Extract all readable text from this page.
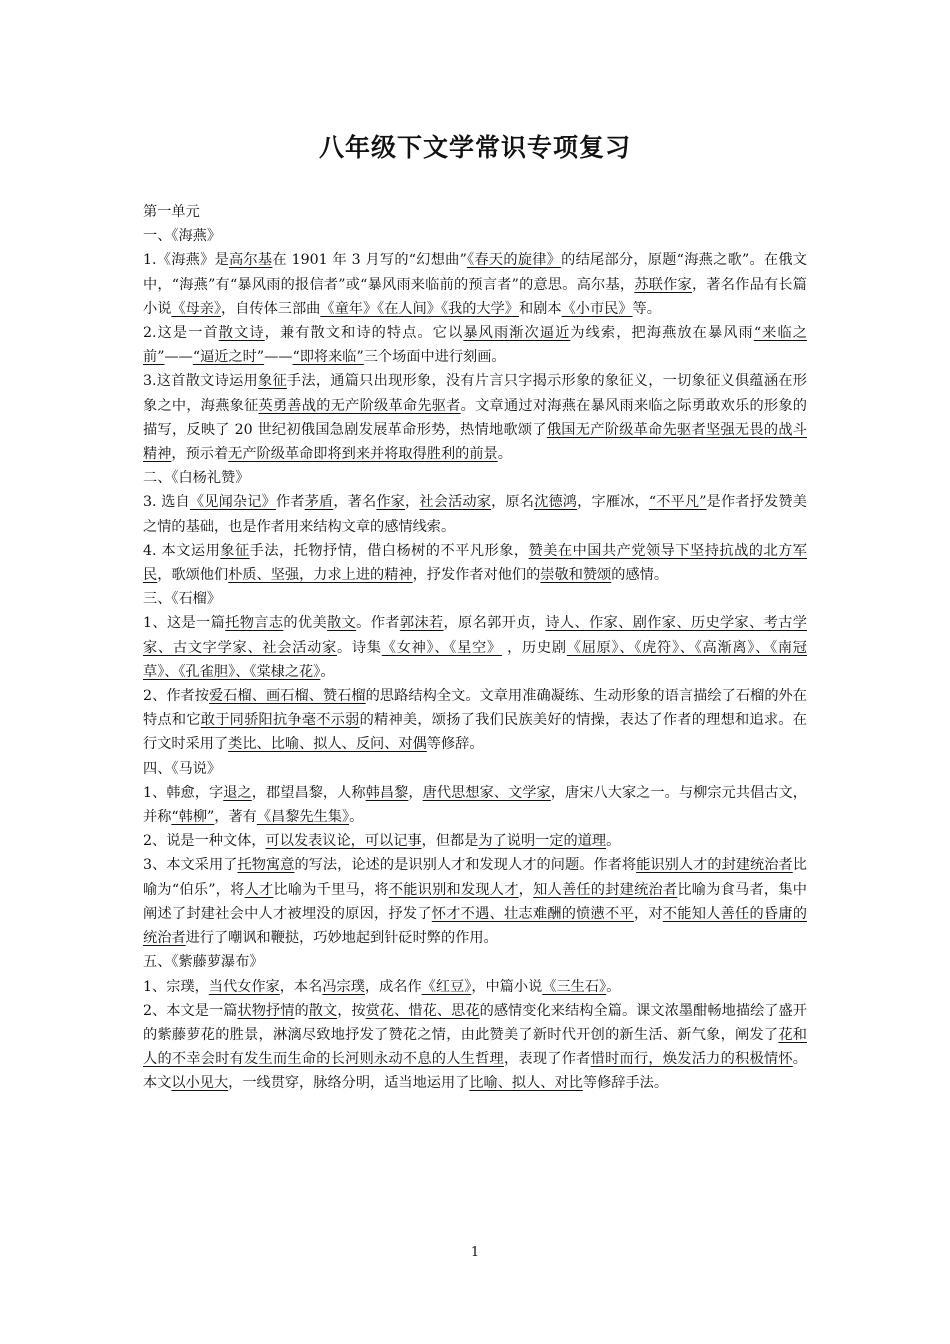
八年级下文学常识专项复习
第一单元
一、《海燕》
1.《海燕》是高尔基在 1901 年 3 月写的“幻想曲”《春天的旋律》的结尾部分，原题“海燕之歌”。在俄文中，“海燕”有“暴风雨的报信者”或“暴风雨来临前的预言者”的意思。高尔基，苏联作家，著名作品有长篇小说《母亲》，自传体三部曲《童年》《在人间》《我的大学》和剧本《小市民》等。
2.这是一首散文诗，兼有散文和诗的特点。它以暴风雨渐次逼近为线索，把海燕放在暴风雨“来临之前”——“逼近之时”——“即将来临”三个场面中进行刻画。
3.这首散文诗运用象征手法，通篇只出现形象，没有片言只字揭示形象的象征义，一切象征义俱蕴涵在形象之中，海燕象征英勇善战的无产阶级革命先驱者。文章通过对海燕在暴风雨来临之际勇敢欢乐的形象的描写，反映了 20 世纪初俄国急剧发展革命形势，热情地歌颂了俄国无产阶级革命先驱者坚强无畏的战斗精神，预示着无产阶级革命即将到来并将取得胜利的前景。
二、《白杨礼赞》
3. 选自《见闻杂记》作者茅盾，著名作家，社会活动家，原名沈德鸿，字雁冰，“不平凡”是作者抒发赞美之情的基础，也是作者用来结构文章的感情线索。
4. 本文运用象征手法，托物抒情，借白杨树的不平凡形象，赞美在中国共产党领导下坚持抗战的北方军民，歌颂他们朴质、坚强，力求上进的精神，抒发作者对他们的崇敬和赞颂的感情。
三、《石榴》
1、这是一篇托物言志的优美散文。作者郭沫若，原名郭开贞，诗人、作家、剧作家、历史学家、考古学家、古文字学家、社会活动家。诗集《女神》、《星空》 ，历史剧《屈原》、《虎符》、《高渐离》、《南冠草》、《孔雀胆》、《棠棣之花》。
2、作者按爱石榴、画石榴、赞石榴的思路结构全文。文章用准确凝练、生动形象的语言描绘了石榴的外在特点和它敢于同骄阳抗争毫不示弱的精神美，颂扬了我们民族美好的情操，表达了作者的理想和追求。在行文时采用了类比、比喻、拟人、反问、对偶等修辞。
四、《马说》
1、韩愈，字退之，郡望昌黎，人称韩昌黎，唐代思想家、文学家，唐宋八大家之一。与柳宗元共倡古文，并称“韩柳”，著有《昌黎先生集》。
2、说是一种文体，可以发表议论，可以记事，但都是为了说明一定的道理。
3、本文采用了托物寓意的写法，论述的是识别人才和发现人才的问题。作者将能识别人才的封建统治者比喻为“伯乐”，将人才比喻为千里马，将不能识别和发现人才，知人善任的封建统治者比喻为食马者，集中阐述了封建社会中人才被埋没的原因，抒发了怀才不遇、壮志难酬的愤懑不平，对不能知人善任的昏庸的统治者进行了嘲讽和鞭挞，巧妙地起到针砭时弊的作用。
五、《紫藤萝瀑布》
1、宗璞，当代女作家，本名冯宗璞，成名作《红豆》，中篇小说《三生石》。
2、本文是一篇状物抒情的散文，按赏花、惜花、思花的感情变化来结构全篇。课文浓墨酣畅地描绘了盛开的紫藤萝花的胜景，淋漓尽致地抒发了赞花之情，由此赞美了新时代开创的新生活、新气象，阐发了花和人的不幸会时有发生而生命的长河则永动不息的人生哲理，表现了作者惜时而行，焕发活力的积极情怀。本文以小见大，一线贯穿，脉络分明，适当地运用了比喻、拟人、对比等修辞手法。
1
